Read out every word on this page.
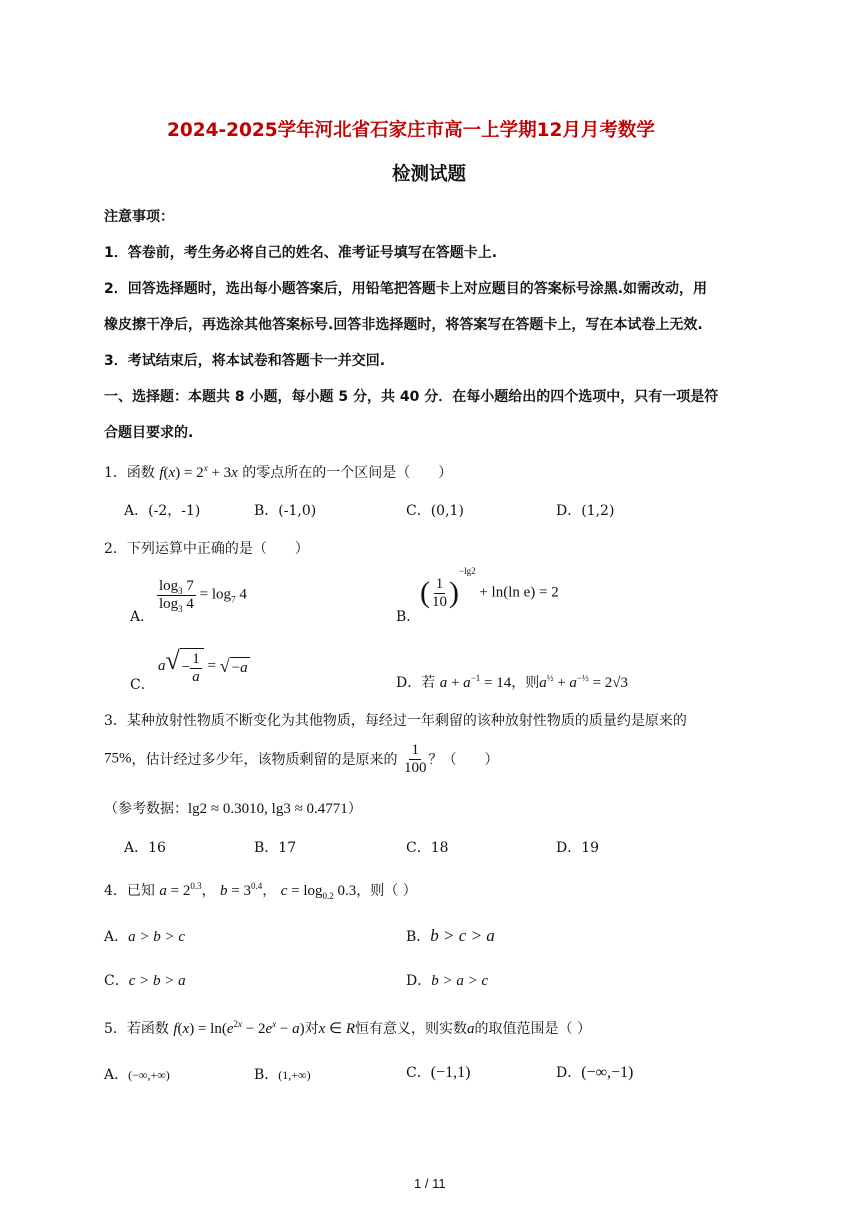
2024-2025学年河北省石家庄市高一上学期12月月考数学
检测试题
注意事项：
1．答卷前，考生务必将自己的姓名、准考证号填写在答题卡上.
2．回答选择题时，选出每小题答案后，用铅笔把答题卡上对应题目的答案标号涂黑.如需改动，用
橡皮擦干净后，再选涂其他答案标号.回答非选择题时，将答案写在答题卡上，写在本试卷上无效.
3．考试结束后，将本试卷和答题卡一并交回.
一、选择题：本题共 8 小题，每小题 5 分，共 40 分．在每小题给出的四个选项中，只有一项是符
合题目要求的.
1．函数 $f(x) = 2^x + 3x$ 的零点所在的一个区间是（　　）
A．(-2，-1)	B．(-1,0)	C．(0,1)	D．(1,2)
2．下列运算中正确的是（　　）
A．
$\frac{\log_3 7}{\log_3 4} = \log_7 4$
B．
( $\frac{1}{10} )^{-lg2} + \ln(\ln$ e) = 2
C．
a √ − $\frac{1}{a}$ = √ −a
D．若 $a + a^{-1} = 14$，则$a^{\frac{1}{2}} + a^{-\frac{1}{2}} = 2√3$
3．某种放射性物质不断变化为其他物质，每经过一年剩留的该种放射性物质的质量约是原来的
75%，估计经过多少年，该物质剩留的是原来的 $\frac{1}{100}$ ？（　　）
（参考数据：lg2 ≈ 0.3010, lg3 ≈ 0.4771）
A．16	B．17	C．18	D．19
4．已知 $a = 2^{0.3}$， $b = 3^{0.4}$， $c = \log_{0.2} 0.3$，则（ ）
A．a > b > c	B．b > c > a
C．c > b > a	D．b > a > c
5．若函数 $f(x) = \ln(e^{2x} - 2e^x - a)$对x ∈ R恒有意义，则实数a的取值范围是（ ）
A．(−∞,+∞)	B．(1,+∞)	C．(−1,1)	D．(−∞,−1)
1 / 11
